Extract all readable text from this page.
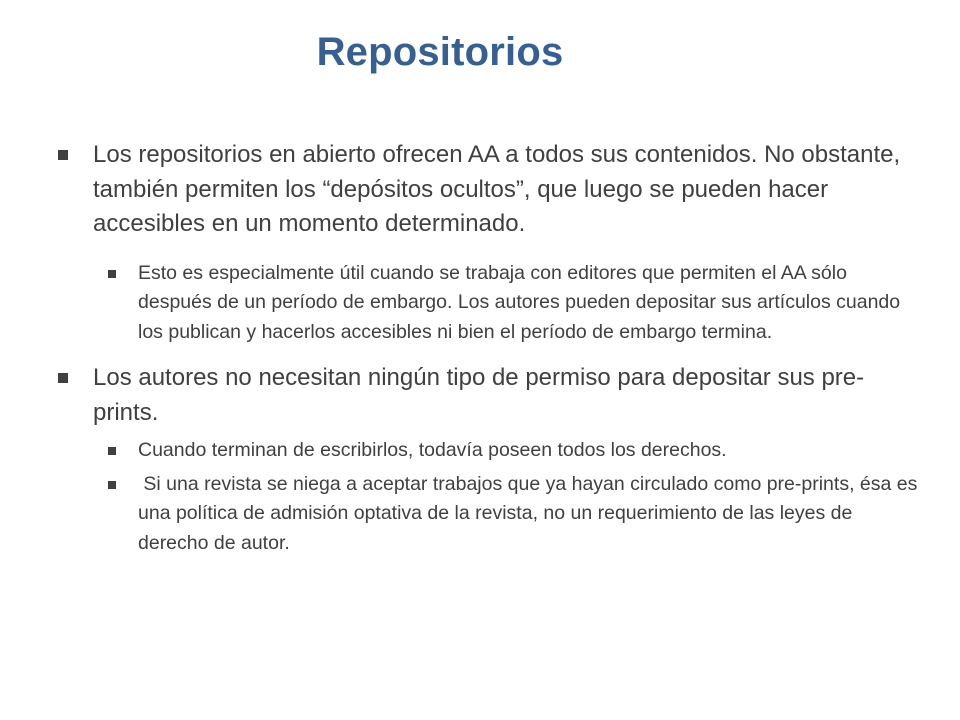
Repositorios
Los repositorios en abierto ofrecen AA a todos sus contenidos. No obstante, también permiten los “depósitos ocultos”, que luego se pueden hacer accesibles en un momento determinado.
Esto es especialmente útil cuando se trabaja con editores que permiten el AA sólo después de un período de embargo. Los autores pueden depositar sus artículos cuando los publican y hacerlos accesibles ni bien el período de embargo termina.
Los autores no necesitan ningún tipo de permiso para depositar sus pre-prints.
Cuando terminan de escribirlos, todavía poseen todos los derechos.
Si una revista se niega a aceptar trabajos que ya hayan circulado como pre-prints, ésa es una política de admisión optativa de la revista, no un requerimiento de las leyes de derecho de autor.
